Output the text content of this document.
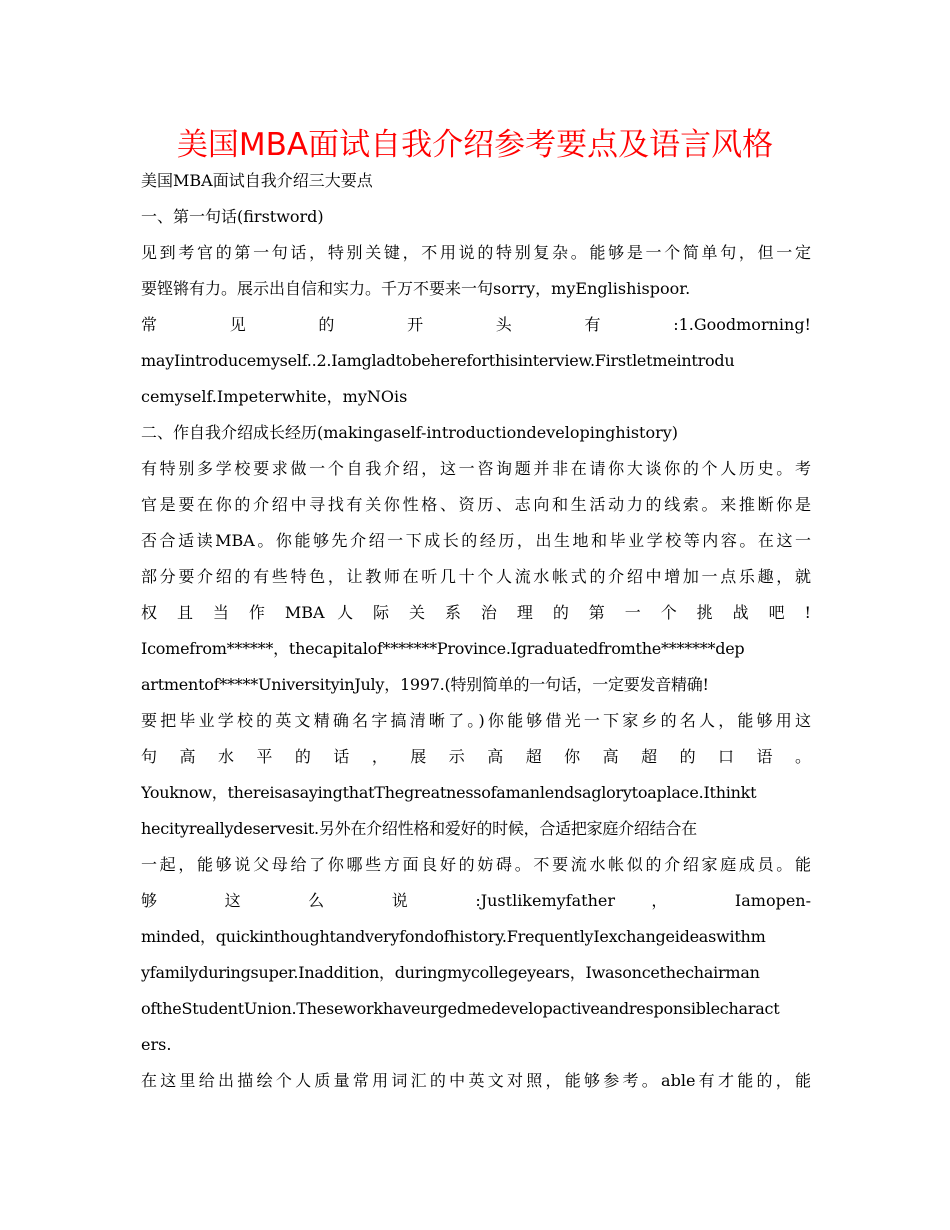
美国MBA面试自我介绍参考要点及语言风格
美国MBA面试自我介绍三大要点
一、第一句话(firstword)
见到考官的第一句话，特别关键，不用说的特别复杂。能够是一个简单句，但一定
要铿锵有力。展示出自信和实力。千万不要来一句sorry，myEnglishispoor.
常 见 的 开 头 有 :1.Goodmorning!
mayIintroducemyself..2.Iamgladtobehereforthisinterview.Firstletmeintrodu
cemyself.Impeterwhite，myNOis
二、作自我介绍成长经历(makingaself-introductiondevelopinghistory)
有特别多学校要求做一个自我介绍，这一咨询题并非在请你大谈你的个人历史。考
官是要在你的介绍中寻找有关你性格、资历、志向和生活动力的线索。来推断你是
否合适读MBA。你能够先介绍一下成长的经历，出生地和毕业学校等内容。在这一
部分要介绍的有些特色，让教师在听几十个人流水帐式的介绍中增加一点乐趣，就
权 且 当 作 MBA 人 际 关 系 治 理 的 第 一 个 挑 战 吧 !
Icomefrom******，thecapitalof*******Province.Igraduatedfromthe*******dep
artmentof*****UniversityinJuly，1997.(特别简单的一句话，一定要发音精确!
要把毕业学校的英文精确名字搞清晰了。)你能够借光一下家乡的名人，能够用这
句 高 水 平 的 话 ， 展 示 高 超 你 高 超 的 口 语 。
Youknow，thereisasayingthatThegreatnessofamanlendsaglorytoaplace.Ithinkt
hecityreallydeservesit.另外在介绍性格和爱好的时候，合适把家庭介绍结合在
一起，能够说父母给了你哪些方面良好的妨碍。不要流水帐似的介绍家庭成员。能
够 这 么 说 :Justlikemyfather ， Iamopen-
minded，quickinthoughtandveryfondofhistory.FrequentlyIexchangeideaswithm
yfamilyduringsuper.Inaddition，duringmycollegeyears，Iwasoncethechairman
oftheStudentUnion.Theseworkhaveurgedmedevelopactiveandresponsiblecharact
ers.
在这里给出描绘个人质量常用词汇的中英文对照，能够参考。able有才能的，能
